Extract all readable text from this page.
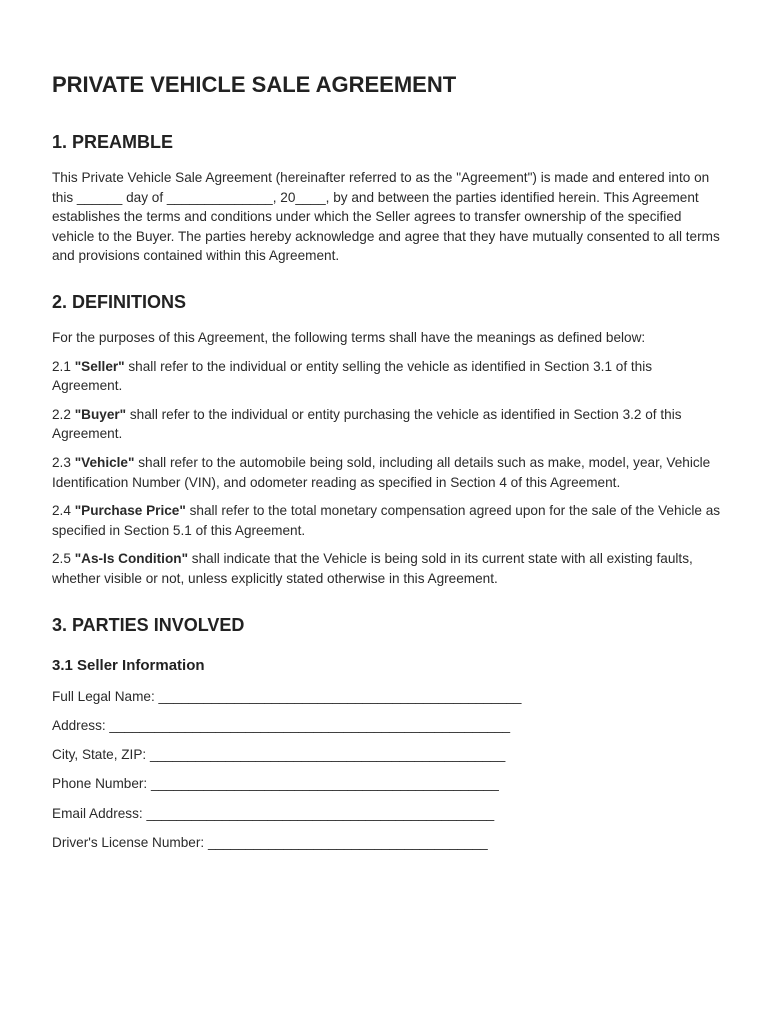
PRIVATE VEHICLE SALE AGREEMENT
1. PREAMBLE

This Private Vehicle Sale Agreement (hereinafter referred to as the "Agreement") is made and entered into on this ______ day of ______________, 20____, by and between the parties identified herein. This Agreement establishes the terms and conditions under which the Seller agrees to transfer ownership of the specified vehicle to the Buyer. The parties hereby acknowledge and agree that they have mutually consented to all terms and provisions contained within this Agreement.

2. DEFINITIONS

For the purposes of this Agreement, the following terms shall have the meanings as defined below:

2.1 "Seller" shall refer to the individual or entity selling the vehicle as identified in Section 3.1 of this Agreement.

2.2 "Buyer" shall refer to the individual or entity purchasing the vehicle as identified in Section 3.2 of this Agreement.

2.3 "Vehicle" shall refer to the automobile being sold, including all details such as make, model, year, Vehicle Identification Number (VIN), and odometer reading as specified in Section 4 of this Agreement.

2.4 "Purchase Price" shall refer to the total monetary compensation agreed upon for the sale of the Vehicle as specified in Section 5.1 of this Agreement.

2.5 "As-Is Condition" shall indicate that the Vehicle is being sold in its current state with all existing faults, whether visible or not, unless explicitly stated otherwise in this Agreement.

3. PARTIES INVOLVED
3.1 Seller Information
Full Legal Name: ________________________________________________
Address: _____________________________________________________
City, State, ZIP: _______________________________________________
Phone Number: ______________________________________________
Email Address: ______________________________________________
Driver's License Number: _____________________________________
